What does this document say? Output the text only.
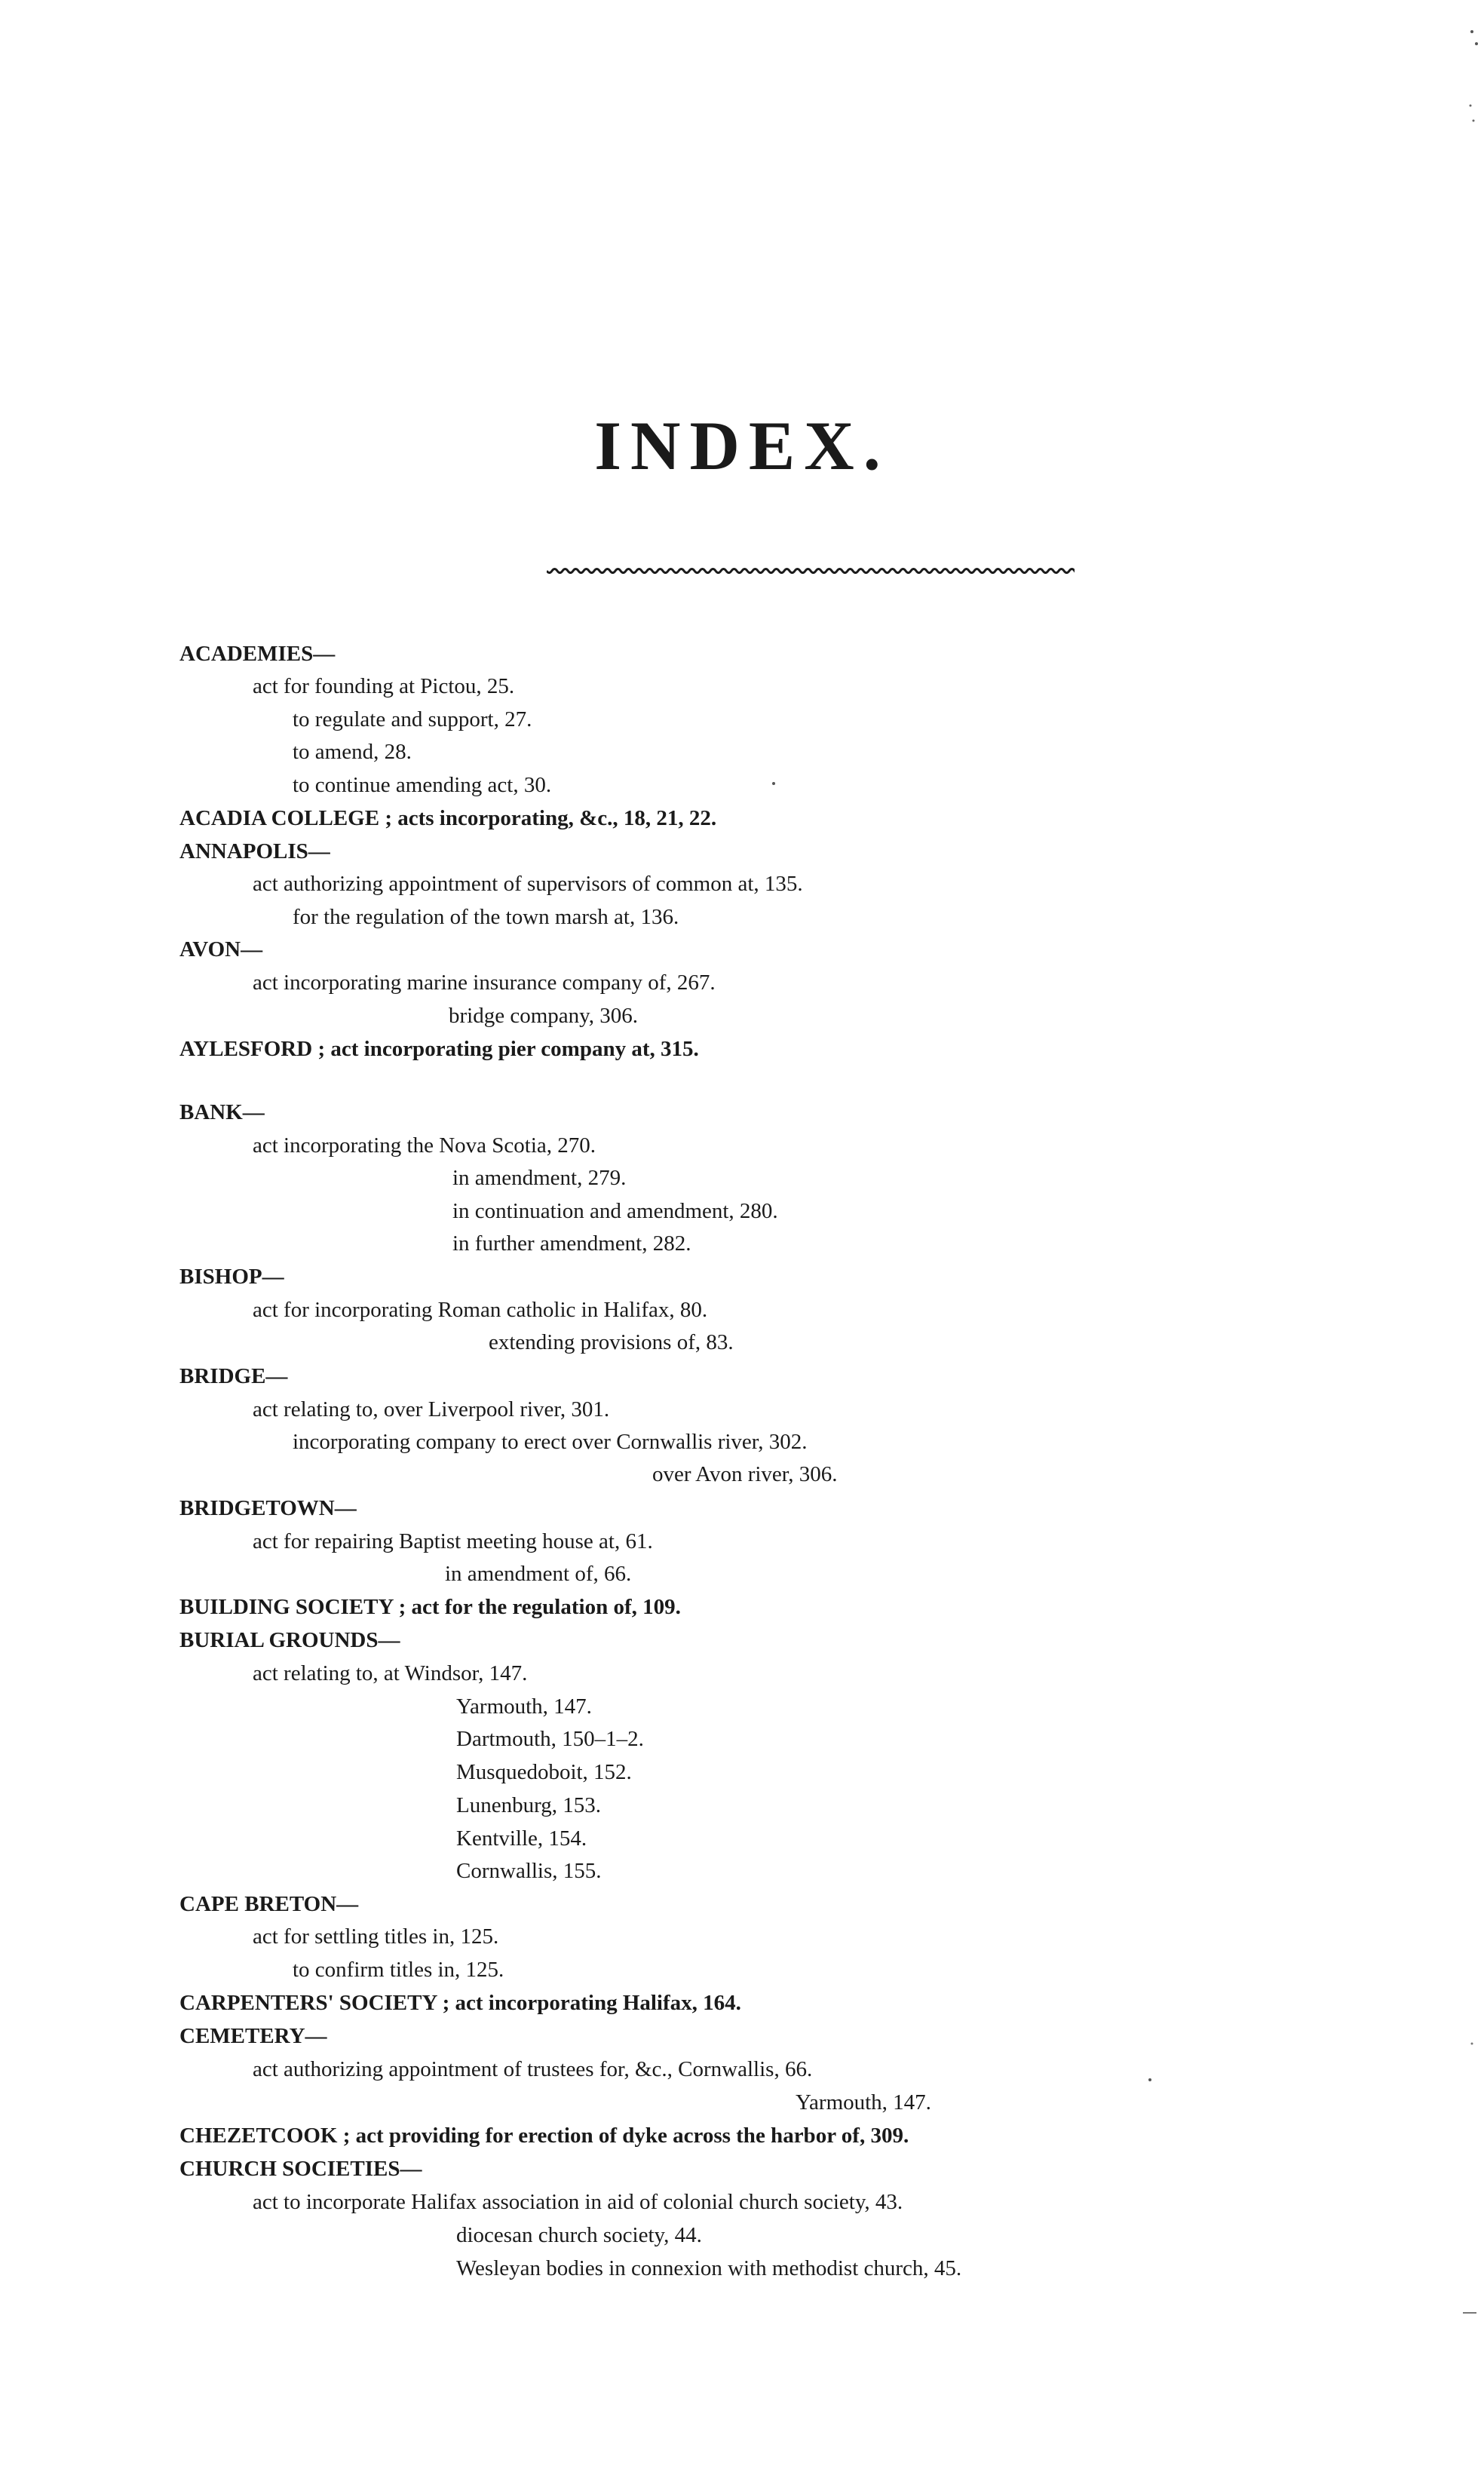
INDEX.
ACADEMIES—
act for founding at Pictou, 25.
to regulate and support, 27.
to amend, 28.
to continue amending act, 30.
ACADIA COLLEGE ; acts incorporating, &c., 18, 21, 22.
ANNAPOLIS—
act authorizing appointment of supervisors of common at, 135.
for the regulation of the town marsh at, 136.
AVON—
act incorporating marine insurance company of, 267.
bridge company, 306.
AYLESFORD ; act incorporating pier company at, 315.
BANK—
act incorporating the Nova Scotia, 270.
in amendment, 279.
in continuation and amendment, 280.
in further amendment, 282.
BISHOP—
act for incorporating Roman catholic in Halifax, 80.
extending provisions of, 83.
BRIDGE—
act relating to, over Liverpool river, 301.
incorporating company to erect over Cornwallis river, 302.
over Avon river, 306.
BRIDGETOWN—
act for repairing Baptist meeting house at, 61.
in amendment of, 66.
BUILDING SOCIETY ; act for the regulation of, 109.
BURIAL GROUNDS—
act relating to, at Windsor, 147.
Yarmouth, 147.
Dartmouth, 150–1–2.
Musquedoboit, 152.
Lunenburg, 153.
Kentville, 154.
Cornwallis, 155.
CAPE BRETON—
act for settling titles in, 125.
to confirm titles in, 125.
CARPENTERS' SOCIETY ; act incorporating Halifax, 164.
CEMETERY—
act authorizing appointment of trustees for, &c., Cornwallis, 66.
Yarmouth, 147.
CHEZETCOOK ; act providing for erection of dyke across the harbor of, 309.
CHURCH SOCIETIES—
act to incorporate Halifax association in aid of colonial church society, 43.
diocesan church society, 44.
Wesleyan bodies in connexion with methodist church, 45.
